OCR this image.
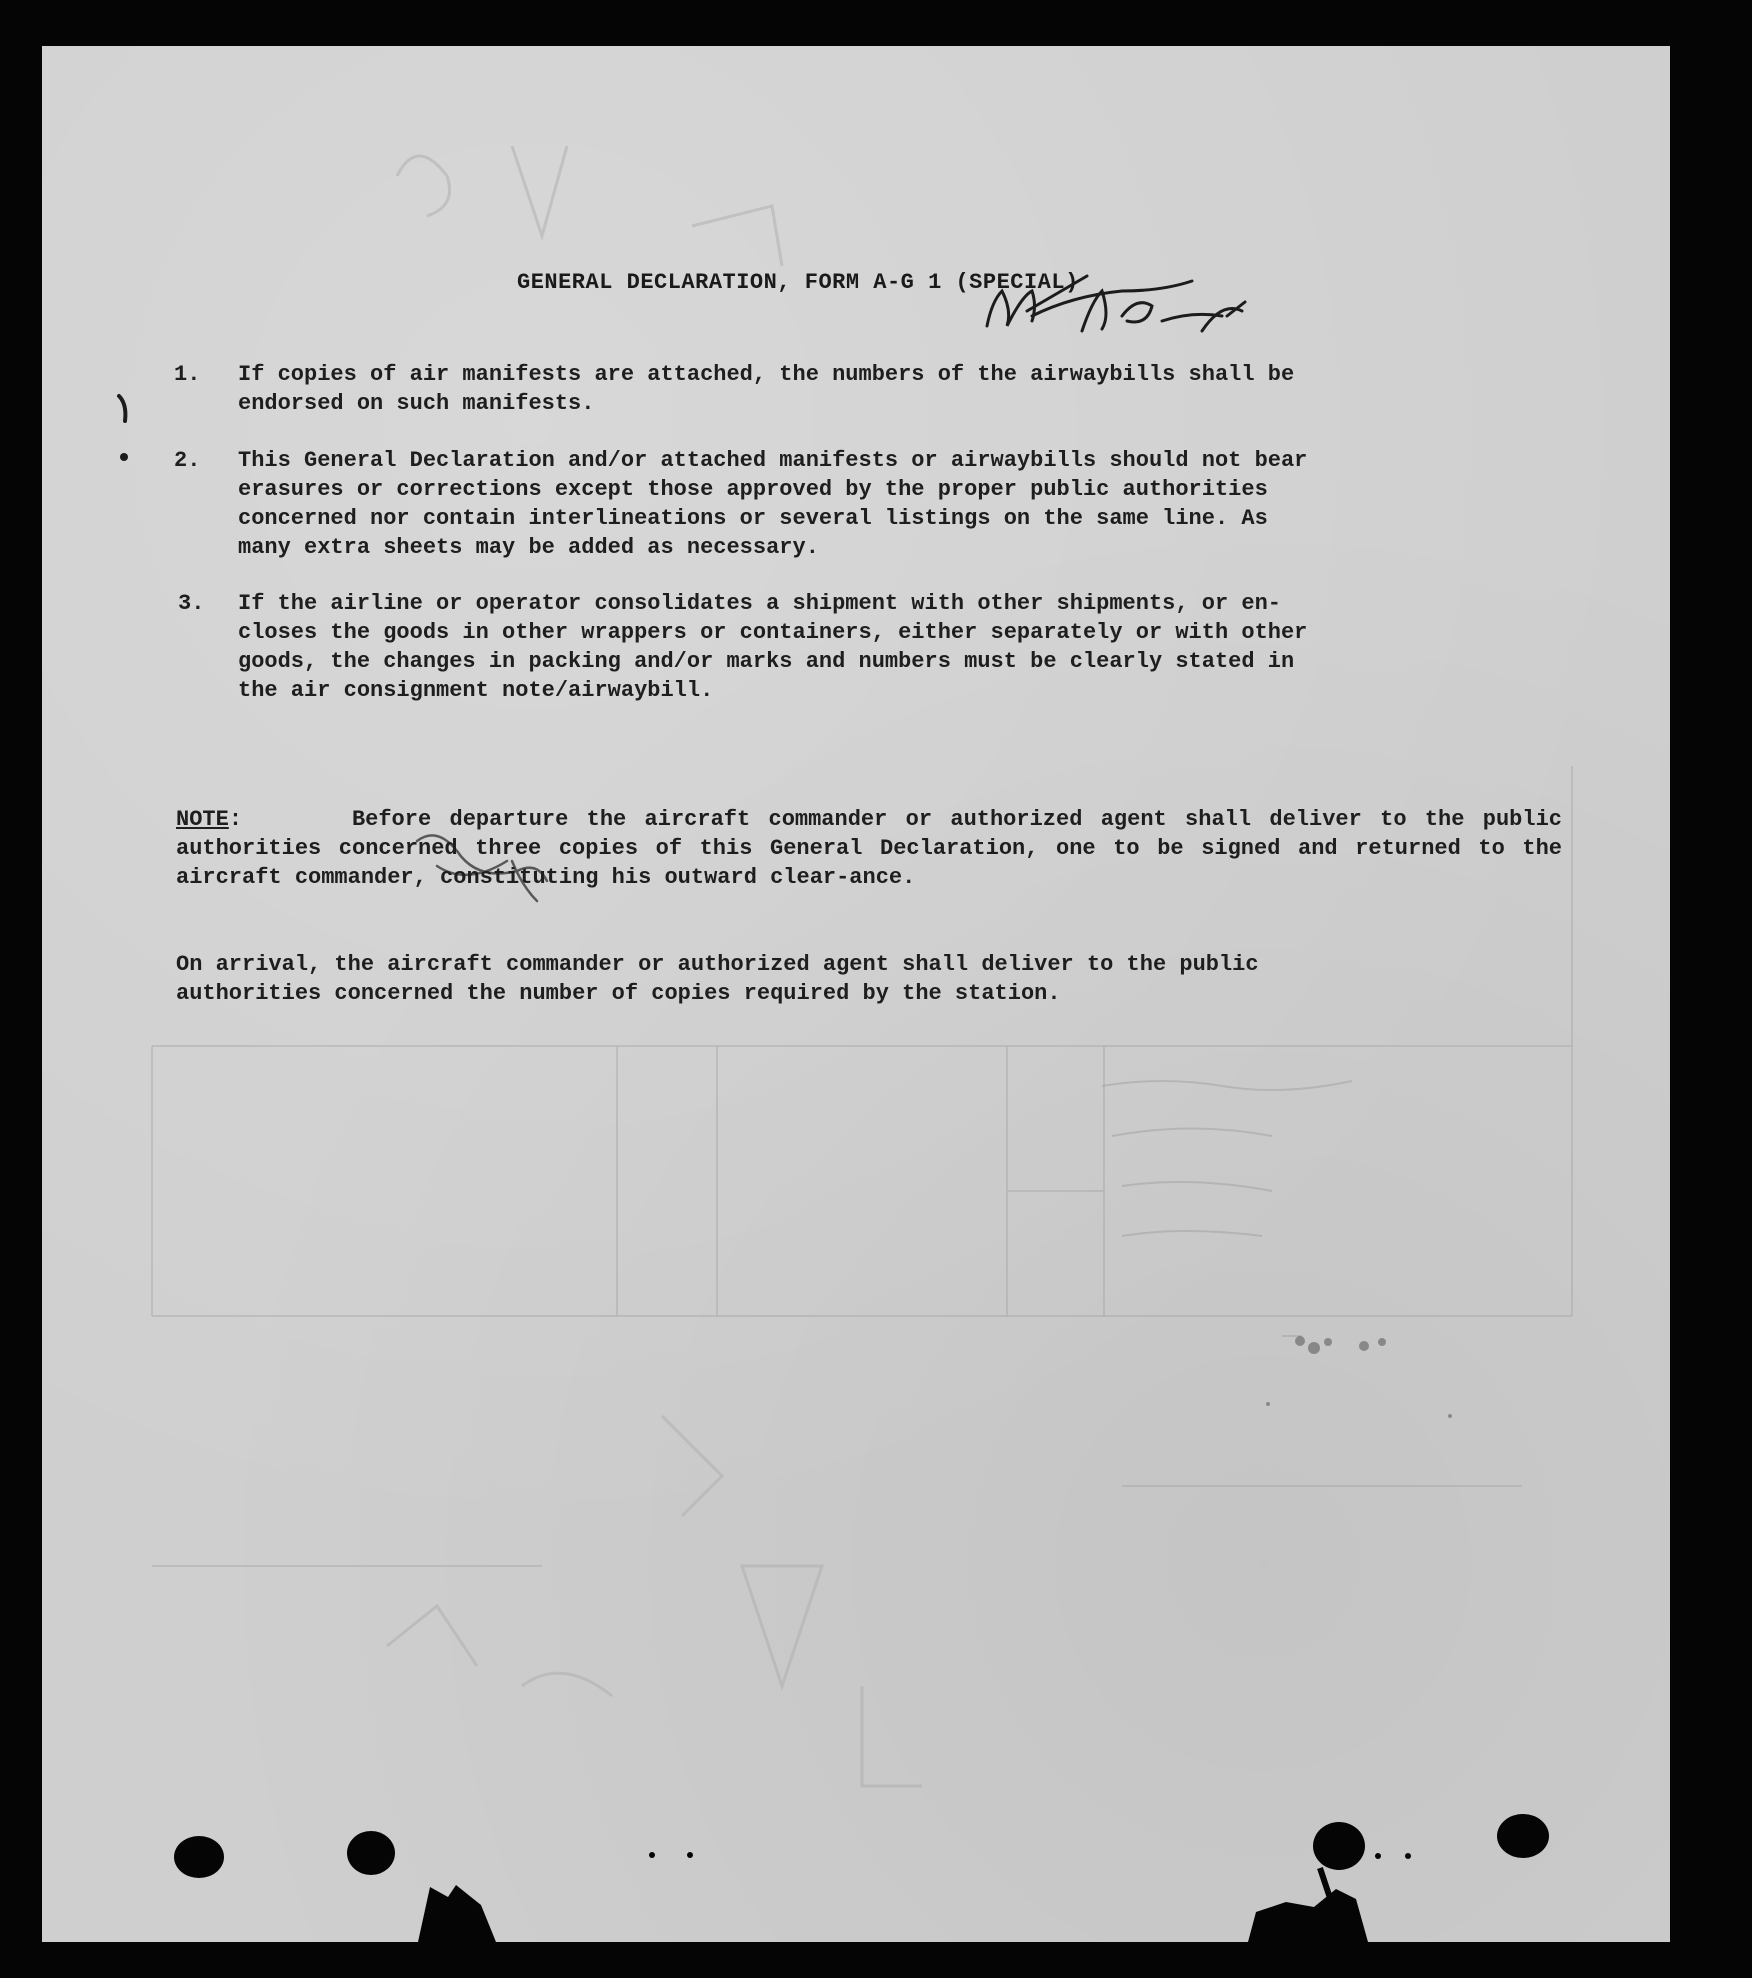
GENERAL DECLARATION, FORM A-G 1 (SPECIAL)
1. If copies of air manifests are attached, the numbers of the airwaybills shall be
endorsed on such manifests.

2. This General Declaration and/or attached manifests or airwaybills should not bear
erasures or corrections except those approved by the proper public authorities
concerned nor contain interlineations or several listings on the same line. As
many extra sheets may be added as necessary.

3. If the airline or operator consolidates a shipment with other shipments, or en-
closes the goods in other wrappers or containers, either separately or with other
goods, the changes in packing and/or marks and numbers must be clearly stated in
the air consignment note/airwaybill.

NOTE:      Before departure the aircraft commander or authorized agent shall deliver to the public authorities concerned three copies of this General Declaration, one to be signed and returned to the aircraft commander, constituting his outward clear-ance.

On arrival, the aircraft commander or authorized agent shall deliver to the public
authorities concerned the number of copies required by the station.
